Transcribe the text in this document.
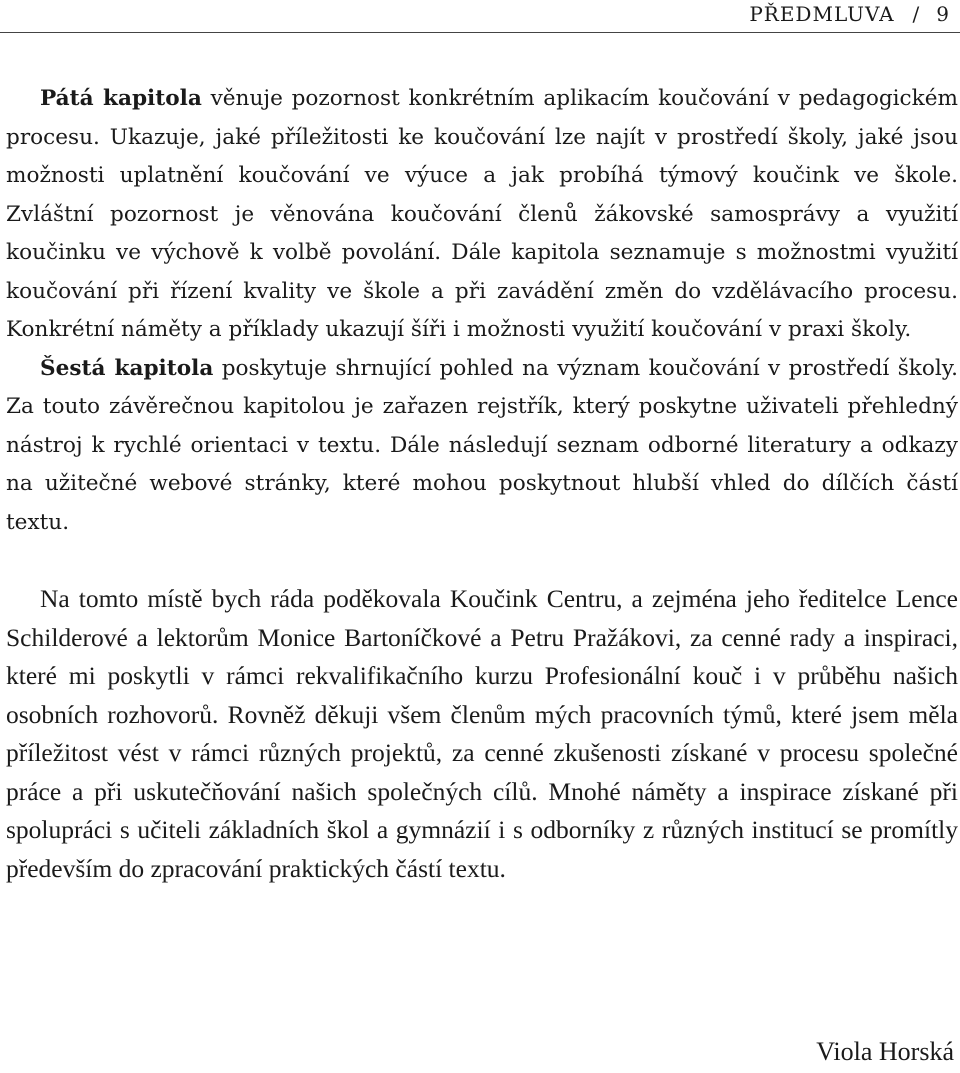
PŘEDMLUVA / 9

Pátá kapitola věnuje pozornost konkrétním aplikacím koučování v pedagogickém procesu. Ukazuje, jaké příležitosti ke koučování lze najít v prostředí školy, jaké jsou možnosti uplatnění koučování ve výuce a jak probíhá týmový koučink ve škole. Zvláštní pozornost je věnována koučování členů žákovské samosprávy a využití koučinku ve výchově k volbě povolání. Dále kapitola seznamuje s možnostmi využití koučování při řízení kvality ve škole a při zavádění změn do vzdělávacího procesu. Konkrétní náměty a příklady ukazují šíři i možnosti využití koučování v praxi školy.

Šestá kapitola poskytuje shrnující pohled na význam koučování v prostředí školy. Za touto závěrečnou kapitolou je zařazen rejstřík, který poskytne uživateli přehledný nástroj k rychlé orientaci v textu. Dále následují seznam odborné literatury a odkazy na užitečné webové stránky, které mohou poskytnout hlubší vhled do dílčích částí textu.

Na tomto místě bych ráda poděkovala Koučink Centru, a zejména jeho ředitelce Lence Schilderové a lektorům Monice Bartoníčkové a Petru Pražákovi, za cenné rady a inspiraci, které mi poskytli v rámci rekvalifikačního kurzu Profesionální kouč i v průběhu našich osobních rozhovorů. Rovněž děkuji všem členům mých pracovních týmů, které jsem měla příležitost vést v rámci různých projektů, za cenné zkušenosti získané v procesu společné práce a při uskutečňování našich společných cílů. Mnohé náměty a inspirace získané při spolupráci s učiteli základních škol a gymnázií i s odborníky z různých institucí se promítly především do zpracování praktických částí textu.

Viola Horská
